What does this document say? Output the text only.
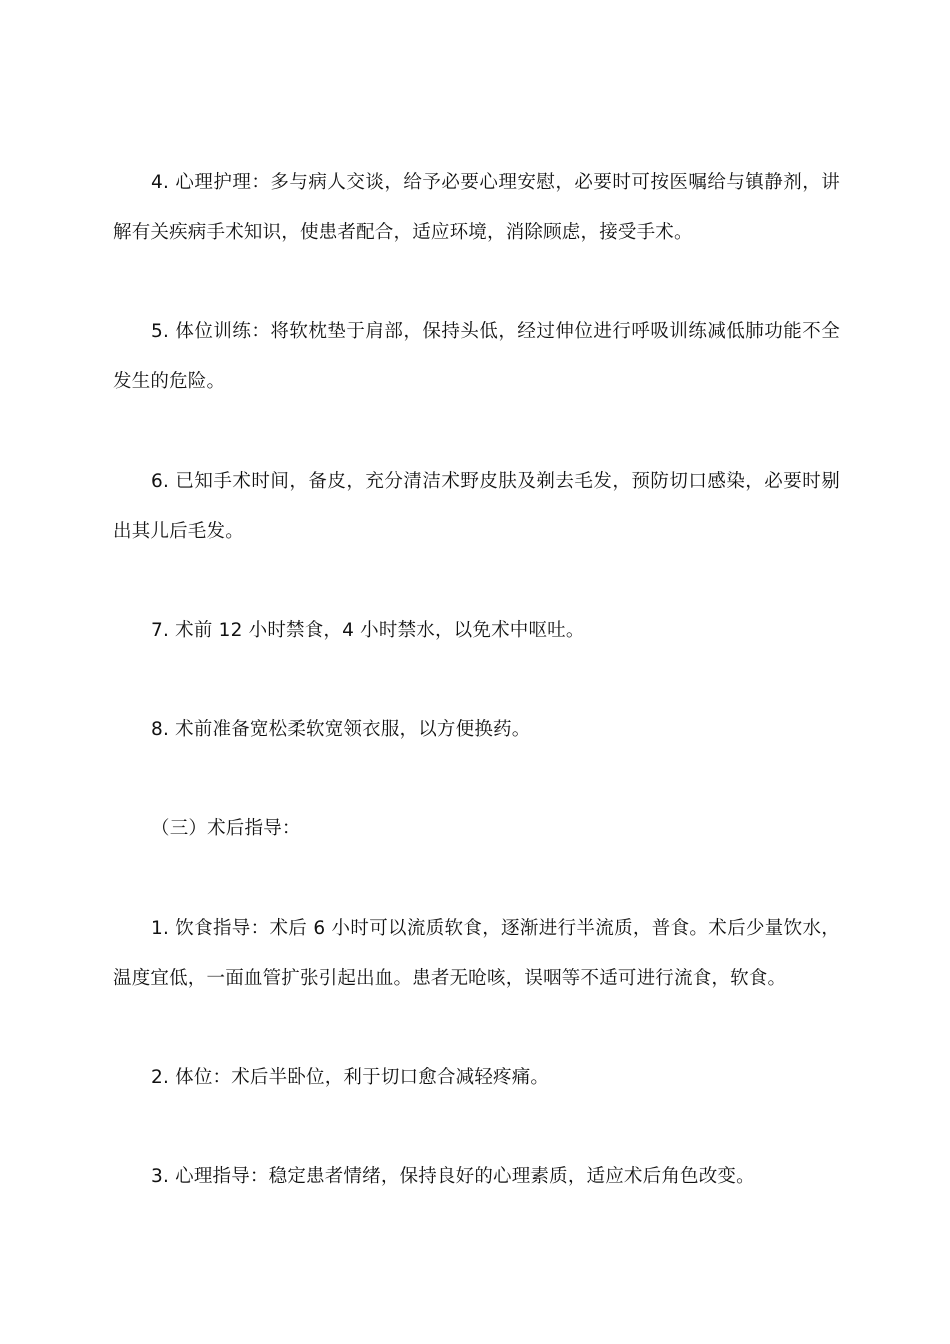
4. 心理护理：多与病人交谈，给予必要心理安慰，必要时可按医嘱给与镇静剂，讲解有关疾病手术知识，使患者配合，适应环境，消除顾虑，接受手术。

5. 体位训练：将软枕垫于肩部，保持头低，经过伸位进行呼吸训练减低肺功能不全发生的危险。

6. 已知手术时间，备皮，充分清洁术野皮肤及剃去毛发，预防切口感染，必要时剔出其儿后毛发。

7. 术前 12 小时禁食，4 小时禁水，以免术中呕吐。

8. 术前准备宽松柔软宽领衣服，以方便换药。

（三）术后指导：

1. 饮食指导：术后 6 小时可以流质软食，逐渐进行半流质，普食。术后少量饮水，温度宜低，一面血管扩张引起出血。患者无呛咳，误咽等不适可进行流食，软食。

2. 体位：术后半卧位，利于切口愈合减轻疼痛。

3. 心理指导：稳定患者情绪，保持良好的心理素质，适应术后角色改变。
